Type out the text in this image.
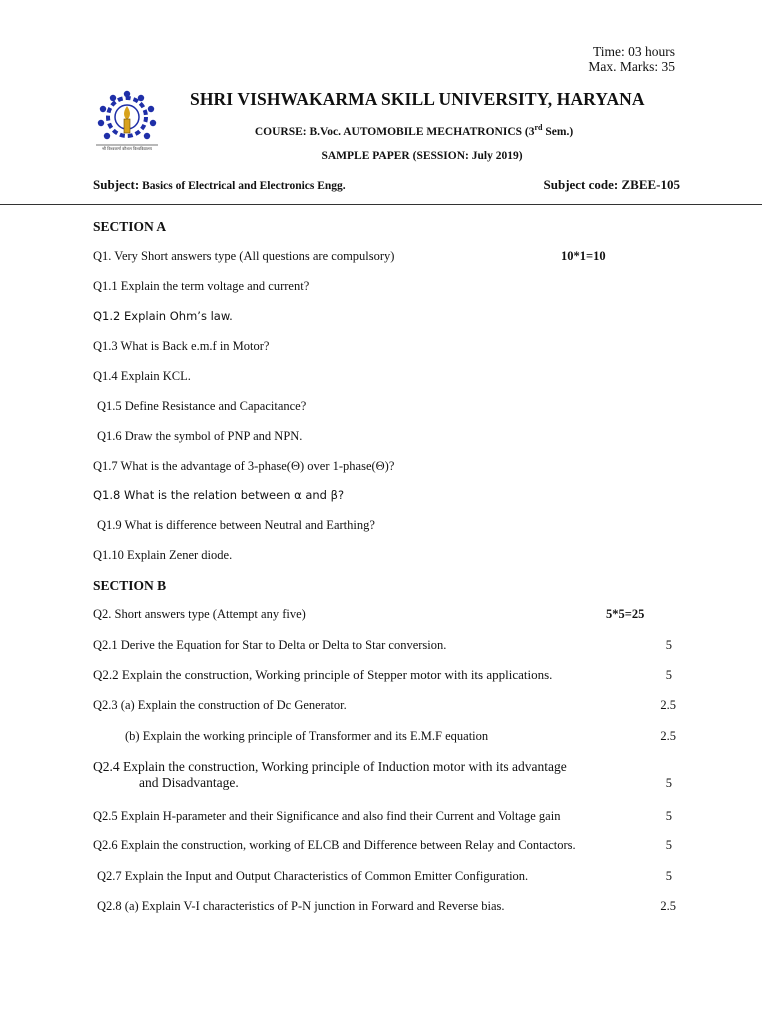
Time: 03 hours
Max. Marks: 35
श्री विश्वकर्मा कौशल विश्वविद्यालय
SHRI VISHWAKARMA SKILL UNIVERSITY, HARYANA
COURSE: B.Voc. AUTOMOBILE MECHATRONICS (3rd Sem.)
SAMPLE PAPER (SESSION: July 2019)
Subject: Basics of Electrical and Electronics Engg.	Subject code: ZBEE-105
SECTION A
Q1. Very Short answers type (All questions are compulsory)	10*1=10
Q1.1 Explain the term voltage and current?
Q1.2 Explain Ohm’s law.
Q1.3 What is Back e.m.f in Motor?
Q1.4 Explain KCL.
Q1.5 Define Resistance and Capacitance?
Q1.6 Draw the symbol of PNP and NPN.
Q1.7 What is the advantage of 3-phase(Θ) over 1-phase(Θ)?
Q1.8 What is the relation between α and β?
Q1.9 What is difference between Neutral and Earthing?
Q1.10 Explain Zener diode.
SECTION B
Q2. Short answers type (Attempt any five)	5*5=25
Q2.1 Derive the Equation for Star to Delta or Delta to Star conversion.	5
Q2.2 Explain the construction, Working principle of Stepper motor with its applications.	5
Q2.3 (a) Explain the construction of Dc Generator.	2.5
(b) Explain the working principle of Transformer and its E.M.F equation	2.5
Q2.4 Explain the construction, Working principle of Induction motor with its advantage
and Disadvantage.	5
Q2.5 Explain H-parameter and their Significance and also find their Current and Voltage gain	5
Q2.6 Explain the construction, working of ELCB and Difference between Relay and Contactors.	5
Q2.7 Explain the Input and Output Characteristics of Common Emitter Configuration.	5
Q2.8 (a) Explain V-I characteristics of P-N junction in Forward and Reverse bias.	2.5
